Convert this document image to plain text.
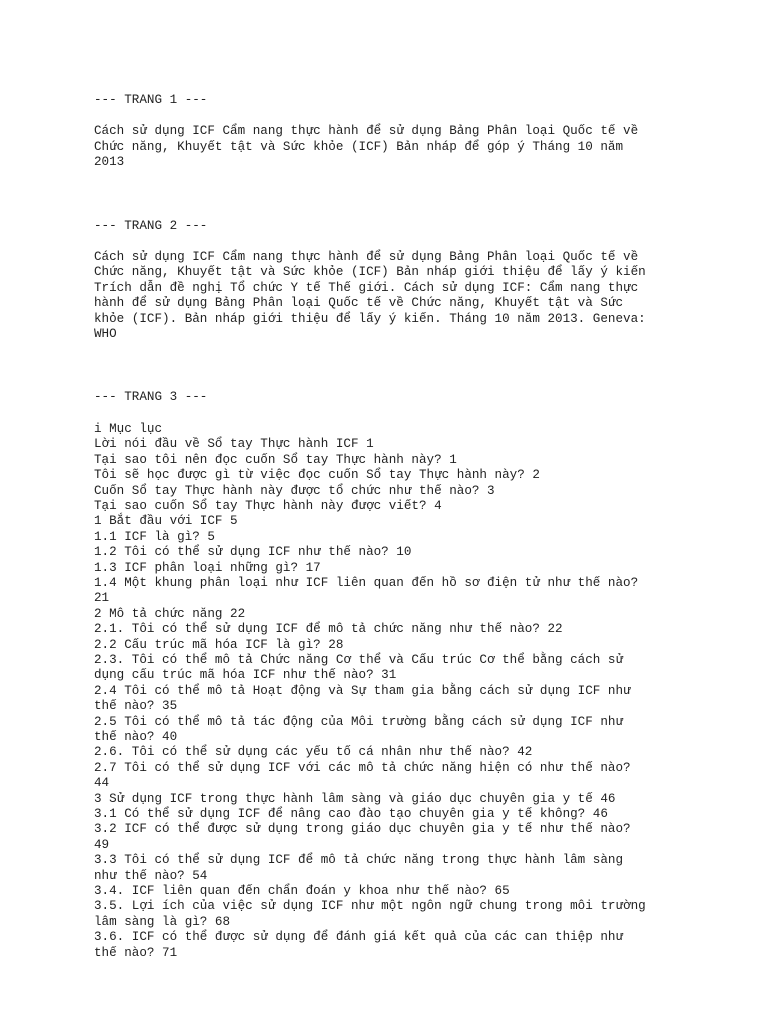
--- TRANG 1 ---

Cách sử dụng ICF Cẩm nang thực hành để sử dụng Bảng Phân loại Quốc tế về
Chức năng, Khuyết tật và Sức khỏe (ICF) Bản nháp để góp ý Tháng 10 năm
2013

--- TRANG 2 ---

Cách sử dụng ICF Cẩm nang thực hành để sử dụng Bảng Phân loại Quốc tế về
Chức năng, Khuyết tật và Sức khỏe (ICF) Bản nháp giới thiệu để lấy ý kiến
Trích dẫn đề nghị Tổ chức Y tế Thế giới. Cách sử dụng ICF: Cẩm nang thực
hành để sử dụng Bảng Phân loại Quốc tế về Chức năng, Khuyết tật và Sức
khỏe (ICF). Bản nháp giới thiệu để lấy ý kiến. Tháng 10 năm 2013. Geneva:
WHO

--- TRANG 3 ---

i Mục lục
Lời nói đầu về Sổ tay Thực hành ICF 1
Tại sao tôi nên đọc cuốn Sổ tay Thực hành này? 1
Tôi sẽ học được gì từ việc đọc cuốn Sổ tay Thực hành này? 2
Cuốn Sổ tay Thực hành này được tổ chức như thế nào? 3
Tại sao cuốn Sổ tay Thực hành này được viết? 4
1 Bắt đầu với ICF 5
1.1 ICF là gì? 5
1.2 Tôi có thể sử dụng ICF như thế nào? 10
1.3 ICF phân loại những gì? 17
1.4 Một khung phân loại như ICF liên quan đến hồ sơ điện tử như thế nào?
21
2 Mô tả chức năng 22
2.1. Tôi có thể sử dụng ICF để mô tả chức năng như thế nào? 22
2.2 Cấu trúc mã hóa ICF là gì? 28
2.3. Tôi có thể mô tả Chức năng Cơ thể và Cấu trúc Cơ thể bằng cách sử
dụng cấu trúc mã hóa ICF như thế nào? 31
2.4 Tôi có thể mô tả Hoạt động và Sự tham gia bằng cách sử dụng ICF như
thế nào? 35
2.5 Tôi có thể mô tả tác động của Môi trường bằng cách sử dụng ICF như
thế nào? 40
2.6. Tôi có thể sử dụng các yếu tố cá nhân như thế nào? 42
2.7 Tôi có thể sử dụng ICF với các mô tả chức năng hiện có như thế nào?
44
3 Sử dụng ICF trong thực hành lâm sàng và giáo dục chuyên gia y tế 46
3.1 Có thể sử dụng ICF để nâng cao đào tạo chuyên gia y tế không? 46
3.2 ICF có thể được sử dụng trong giáo dục chuyên gia y tế như thế nào?
49
3.3 Tôi có thể sử dụng ICF để mô tả chức năng trong thực hành lâm sàng
như thế nào? 54
3.4. ICF liên quan đến chẩn đoán y khoa như thế nào? 65
3.5. Lợi ích của việc sử dụng ICF như một ngôn ngữ chung trong môi trường
lâm sàng là gì? 68
3.6. ICF có thể được sử dụng để đánh giá kết quả của các can thiệp như
thế nào? 71
